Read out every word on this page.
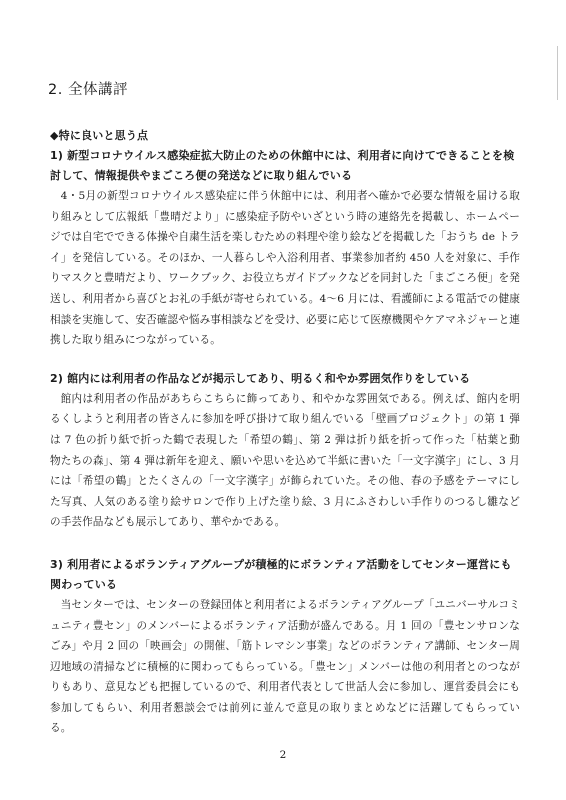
2. 全体講評
◆特に良いと思う点
1) 新型コロナウイルス感染症拡大防止のための休館中には、利用者に向けてできることを検討して、情報提供やまごころ便の発送などに取り組んでいる
4・5月の新型コロナウイルス感染症に伴う休館中には、利用者へ確かで必要な情報を届ける取り組みとして広報紙「豊晴だより」に感染症予防やいざという時の連絡先を掲載し、ホームページでは自宅でできる体操や自粛生活を楽しむための料理や塗り絵などを掲載した「おうち de トライ」を発信している。そのほか、一人暮らしや入浴利用者、事業参加者約 450 人を対象に、手作りマスクと豊晴だより、ワークブック、お役立ちガイドブックなどを同封した「まごころ便」を発送し、利用者から喜びとお礼の手紙が寄せられている。4～6 月には、看護師による電話での健康相談を実施して、安否確認や悩み事相談などを受け、必要に応じて医療機関やケアマネジャーと連携した取り組みにつながっている。
2) 館内には利用者の作品などが掲示してあり、明るく和やか雰囲気作りをしている
館内は利用者の作品があちらこちらに飾ってあり、和やかな雰囲気である。例えば、館内を明るくしようと利用者の皆さんに参加を呼び掛けて取り組んでいる「壁画プロジェクト」の第 1 弾は 7 色の折り紙で折った鶴で表現した「希望の鶴」、第 2 弾は折り紙を折って作った「枯葉と動物たちの森」、第 4 弾は新年を迎え、願いや思いを込めて半紙に書いた「一文字漢字」にし、3 月には「希望の鶴」とたくさんの「一文字漢字」が飾られていた。その他、春の予感をテーマにした写真、人気のある塗り絵サロンで作り上げた塗り絵、3 月にふさわしい手作りのつるし雛などの手芸作品なども展示してあり、華やかである。
3) 利用者によるボランティアグループが積極的にボランティア活動をしてセンター運営にも関わっている
当センターでは、センターの登録団体と利用者によるボランティアグループ「ユニバーサルコミュニティ豊セン」のメンバーによるボランティア活動が盛んである。月 1 回の「豊センサロンなごみ」や月 2 回の「映画会」の開催、「筋トレマシン事業」などのボランティア講師、センター周辺地域の清掃などに積極的に関わってもらっている。「豊セン」メンバーは他の利用者とのつながりもあり、意見なども把握しているので、利用者代表として世話人会に参加し、運営委員会にも参加してもらい、利用者懇談会では前列に並んで意見の取りまとめなどに活躍してもらっている。
2
